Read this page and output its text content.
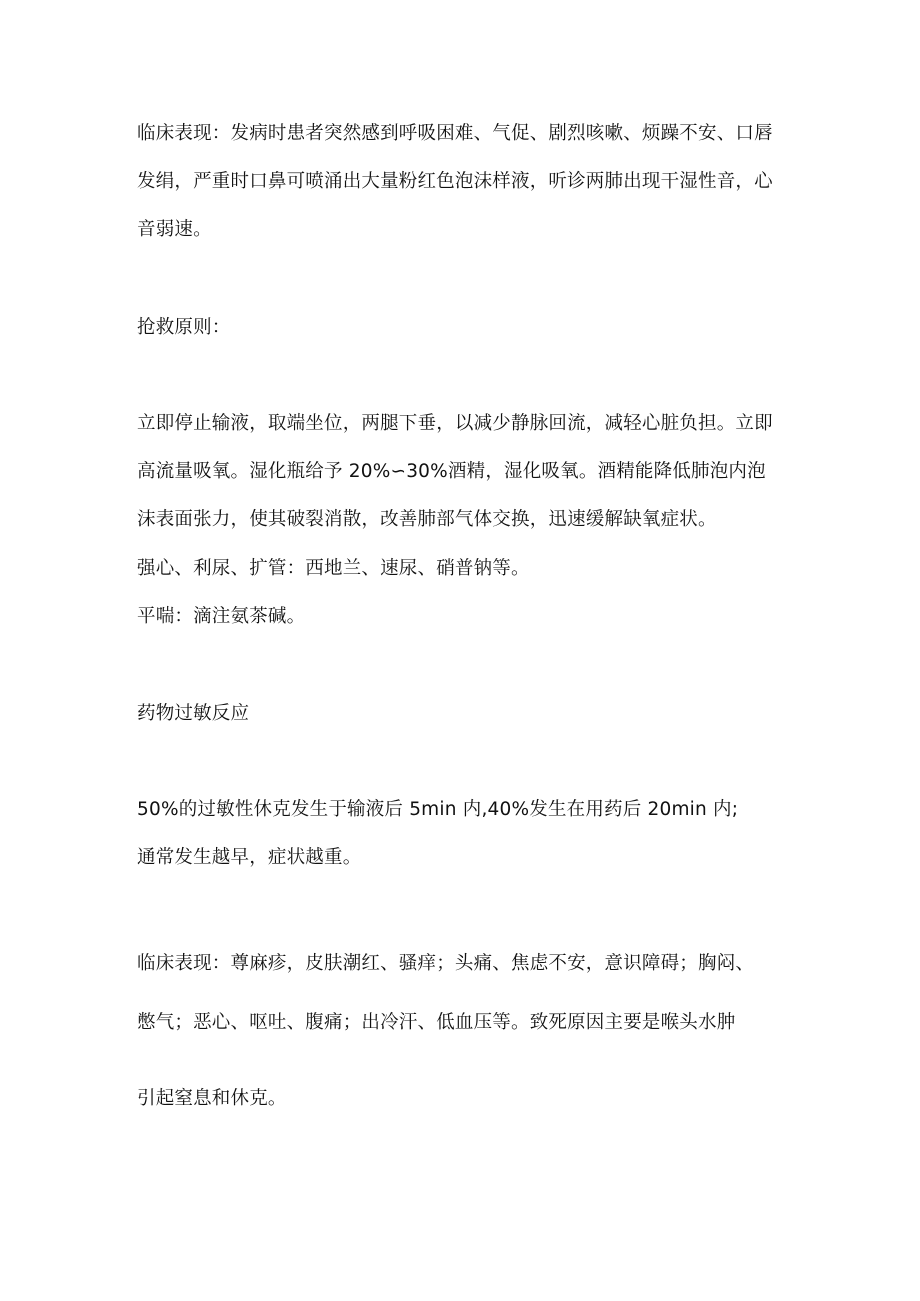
临床表现：发病时患者突然感到呼吸困难、气促、剧烈咳嗽、烦躁不安、口唇
发绢，严重时口鼻可喷涌出大量粉红色泡沫样液，听诊两肺出现干湿性音，心
音弱速。
抢救原则：
立即停止输液，取端坐位，两腿下垂，以减少静脉回流，减轻心脏负担。立即
高流量吸氧。湿化瓶给予 20%∽30%酒精，湿化吸氧。酒精能降低肺泡内泡
沫表面张力，使其破裂消散，改善肺部气体交换，迅速缓解缺氧症状。
强心、利尿、扩管：西地兰、速尿、硝普钠等。
平喘：滴注氨茶碱。
药物过敏反应
50%的过敏性休克发生于输液后 5min 内,40%发生在用药后 20min 内;
通常发生越早，症状越重。
临床表现：尊麻疹，皮肤潮红、骚痒；头痛、焦虑不安，意识障碍；胸闷、
憋气；恶心、呕吐、腹痛；出冷汗、低血压等。致死原因主要是喉头水肿
引起窒息和休克。
